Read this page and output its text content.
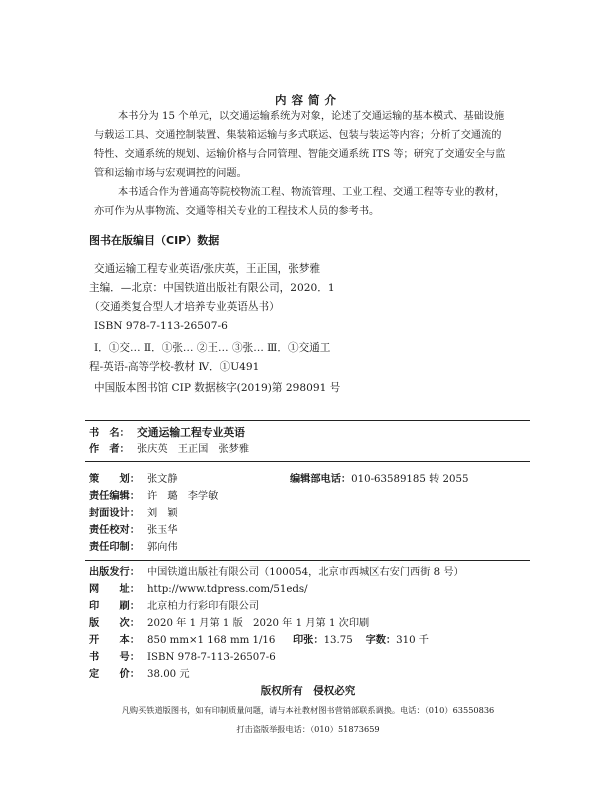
内容简介
本书分为 15 个单元，以交通运输系统为对象，论述了交通运输的基本模式、基础设施
与载运工具、交通控制装置、集装箱运输与多式联运、包装与装运等内容；分析了交通流的
特性、交通系统的规划、运输价格与合同管理、智能交通系统 ITS 等；研究了交通安全与监
管和运输市场与宏观调控的问题。
本书适合作为普通高等院校物流工程、物流管理、工业工程、交通工程等专业的教材，
亦可作为从事物流、交通等相关专业的工程技术人员的参考书。
图书在版编目（CIP）数据
交通运输工程专业英语/张庆英，王正国，张梦雅
主编．—北京：中国铁道出版社有限公司，2020．1
（交通类复合型人才培养专业英语丛书）
ISBN 978-7-113-26507-6
Ⅰ．①交… Ⅱ．①张… ②王… ③张… Ⅲ．①交通工
程-英语-高等学校-教材 Ⅳ．①U491
中国版本图书馆 CIP 数据核字(2019)第 298091 号
书　名： 交通运输工程专业英语
作　者： 张庆英　王正国　张梦雅
策　　划： 张文静	编辑部电话：010-63589185 转 2055
责任编辑： 许　璐　李学敏
封面设计： 刘　颖
责任校对： 张玉华
责任印制： 郭向伟
出版发行： 中国铁道出版社有限公司（100054，北京市西城区右安门西街 8 号）
网　　址： http://www.tdpress.com/51eds/
印　　刷： 北京柏力行彩印有限公司
版　　次： 2020 年 1 月第 1 版　2020 年 1 月第 1 次印刷
开　　本： 850 mm×1 168 mm 1/16 印张：13.75 字数：310 千
书　　号： ISBN 978-7-113-26507-6
定　　价： 38.00 元
版权所有　侵权必究
凡购买铁道版图书，如有印制质量问题，请与本社教材图书营销部联系调换。电话：（010）63550836
打击盗版举报电话：（010）51873659
